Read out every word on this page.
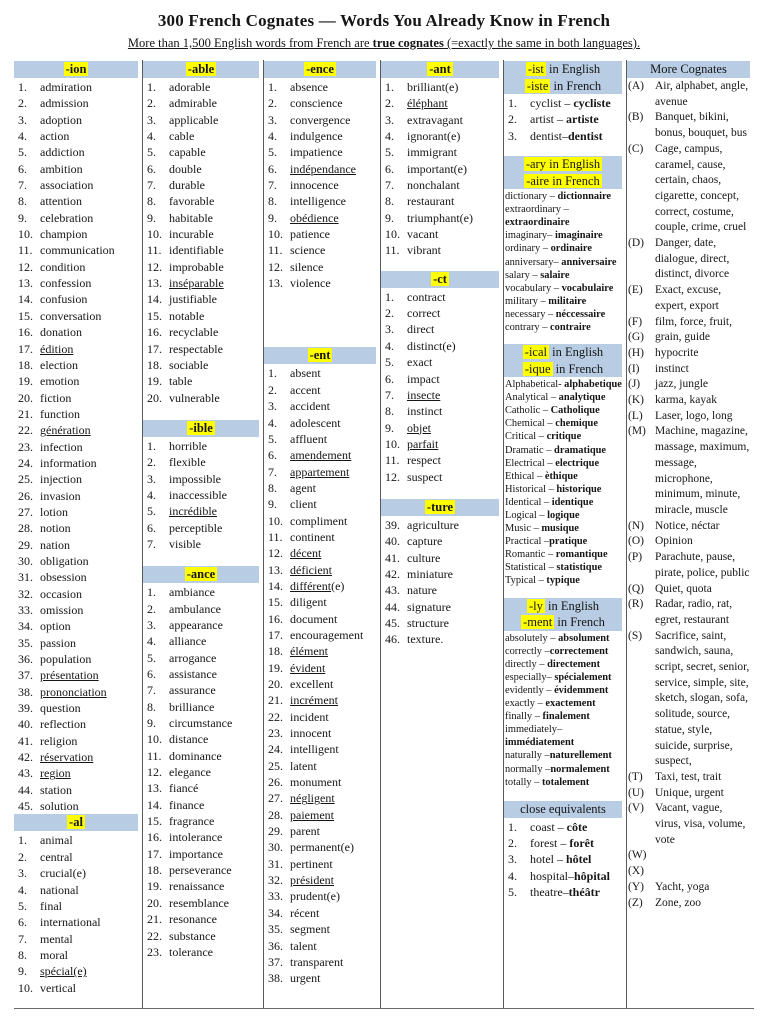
300 French Cognates — Words You Already Know in French
More than 1,500 English words from French are true cognates (=exactly the same in both languages).
-ion
1.	admiration
2.	admission
3.	adoption
4.	action
5.	addiction
6.	ambition
7.	association
8.	attention
9.	celebration
10. champion
11. communication
12. condition
13. confession
14. confusion
15. conversation
16. donation
17. édition
18. election
19. emotion
20. fiction
21. function
22. génération
23. infection
24. information
25. injection
26. invasion
27. lotion
28. notion
29. nation
30. obligation
31. obsession
32. occasion
33. omission
34. option
35. passion
36. population
37. présentation
38. prononciation
39. question
40. reflection
41. religion
42. réservation
43. region
44. station
45. solution
-al
1.	animal
2.	central
3.	crucial(e)
4.	national
5.	final
6.	international
7.	mental
8.	moral
9.	spécial(e)
10. vertical
-able
1.	adorable
2.	admirable
3.	applicable
4.	cable
5.	capable
6.	double
7.	durable
8.	favorable
9.	habitable
10. incurable
11. identifiable
12. improbable
13. inséparable
14. justifiable
15. notable
16. recyclable
17. respectable
18. sociable
19. table
20. vulnerable
-ible
1.	horrible
2.	flexible
3.	impossible
4.	inaccessible
5.	incrédible
6.	perceptible
7.	visible
-ance
1.	ambiance
2.	ambulance
3.	appearance
4.	alliance
5.	arrogance
6.	assistance
7.	assurance
8.	brilliance
9.	circumstance
10. distance
11. dominance
12. elegance
13. fiancé
14. finance
15. fragrance
16. intolerance
17. importance
18. perseverance
19. renaissance
20. resemblance
21. resonance
22. substance
23. tolerance
-ence
1.	absence
2.	conscience
3.	convergence
4.	indulgence
5.	impatience
6.	indépendance
7.	innocence
8.	intelligence
9.	obédience
10. patience
11. science
12. silence
13. violence
-ent
1.	absent
2.	accent
3.	accident
4.	adolescent
5.	affluent
6.	amendement
7.	appartement
8.	agent
9.	client
10. compliment
11. continent
12. décent
13. déficient
14. différent(e)
15. diligent
16. document
17. encouragement
18. élément
19. évident
20. excellent
21. incrément
22. incident
23. innocent
24. intelligent
25. latent
26. monument
27. négligent
28. paiement
29. parent
30. permanent(e)
31. pertinent
32. président
33. prudent(e)
34. récent
35. segment
36. talent
37. transparent
38. urgent
-ant
1.	brilliant(e)
2.	éléphant
3.	extravagant
4.	ignorant(e)
5.	immigrant
6.	important(e)
7.	nonchalant
8.	restaurant
9.	triumphant(e)
10. vacant
11. vibrant
-ct
1.	contract
2.	correct
3.	direct
4.	distinct(e)
5.	exact
6.	impact
7.	insecte
8.	instinct
9.	objet
10. parfait
11. respect
12. suspect
-ture
39. agriculture
40. capture
41. culture
42. miniature
43. nature
44. signature
45. structure
46. texture.
-ist in English
-iste in French
1.	cyclist – cycliste
2.	artist – artiste
3.	dentist–dentist
-ary in English
-aire in French
dictionary – dictionnaire
extraordinary – extraordinaire
imaginary– imaginaire
ordinary – ordinaire
anniversary– anniversaire
salary – salaire
vocabulary – vocabulaire
military – militaire
necessary – néccessaire
contrary – contraire
-ical in English
-ique in French
Alphabetical- alphabetique
Analytical – analytique
Catholic – Catholique
Chemical – chemique
Critical – critique
Dramatic – dramatique
Electrical – electrique
Ethical – èthique
Historical – historique
Identical – identique
Logical – logique
Music – musique
Practical –pratique
Romantic – romantique
Statistical – statistique
Typical – typique
-ly in English
-ment in French
absolutely – absolument
correctly –correctement
directly – directement
especially– spécialement
evidently – évidemment
exactly – exactement
finally – finalement
immediately–immédiatement
naturally –naturellement
normally –normalement
totally – totalement
close equivalents
1.	coast – côte
2.	forest – forêt
3.	hotel – hôtel
4.	hospital–hôpital
5.	theatre–théâtr
More Cognates
(A) Air, alphabet, angle, avenue
(B)	Banquet, bikini, bonus, bouquet, bus
(C)	Cage, campus, caramel, cause, certain, chaos, cigarette, concept, correct, costume, couple, crime, cruel
(D) Danger, date, dialogue, direct, distinct, divorce
(E)	Exact, excuse, expert, export
(F)	film, force, fruit,
(G) grain, guide
(H) hypocrite
(I)	instinct
(J)	jazz, jungle
(K) karma, kayak
(L)	Laser, logo, long
(M) Machine, magazine, massage, maximum, message, microphone, minimum, minute, miracle, muscle
(N) Notice, néctar
(O) Opinion
(P)	Parachute, pause, pirate, police, public
(Q) Quiet, quota
(R)	Radar, radio, rat, egret, restaurant
(S)	Sacrifice, saint, sandwich, sauna, script, secret, senior, service, simple, site, sketch, slogan, sofa, solitude, source, statue, style, suicide, surprise, suspect,
(T)	Taxi, test, trait
(U) Unique, urgent
(V) Vacant, vague, virus, visa, volume, vote
(W)
(X)
(Y) Yacht, yoga
(Z)	Zone, zoo
